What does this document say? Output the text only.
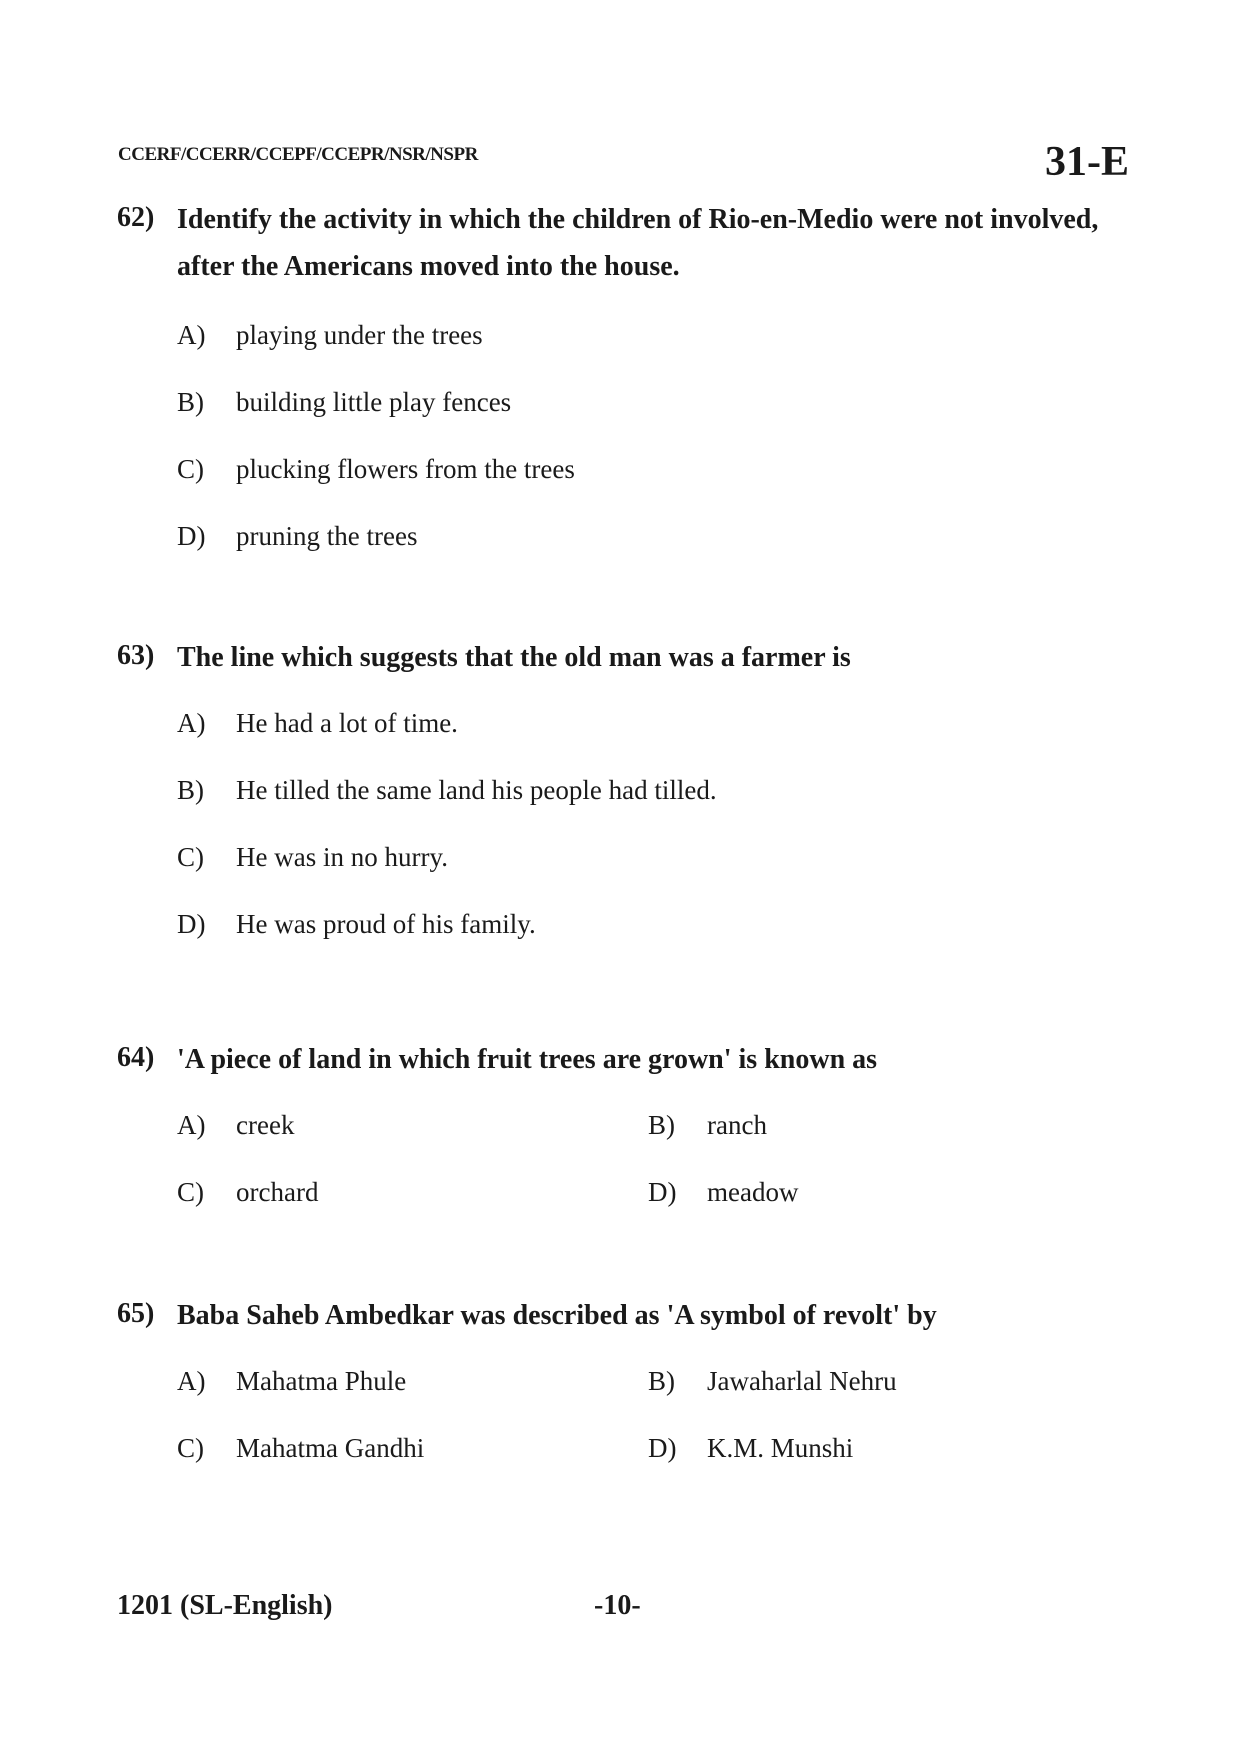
CCERF/CCERR/CCEPF/CCEPR/NSR/NSPR	31-E
62) Identify the activity in which the children of Rio-en-Medio were not involved, after the Americans moved into the house.
A) playing under the trees
B) building little play fences
C) plucking flowers from the trees
D) pruning the trees
63) The line which suggests that the old man was a farmer is
A) He had a lot of time.
B) He tilled the same land his people had tilled.
C) He was in no hurry.
D) He was proud of his family.
64) 'A piece of land in which fruit trees are grown' is known as
A) creek	B) ranch
C) orchard	D) meadow
65) Baba Saheb Ambedkar was described as 'A symbol of revolt' by
A) Mahatma Phule	B) Jawaharlal Nehru
C) Mahatma Gandhi	D) K.M. Munshi
1201 (SL-English)	-10-
